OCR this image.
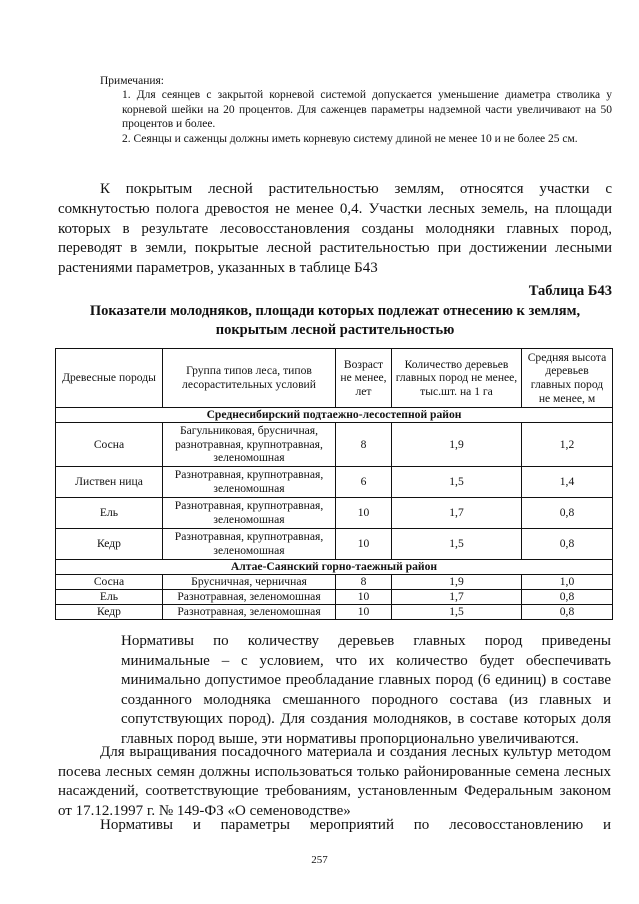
Примечания:
1. Для сеянцев с закрытой корневой системой допускается уменьшение диаметра стволика у корневой шейки на 20 процентов. Для саженцев параметры надземной части увеличивают на 50 процентов и более.
2. Сеянцы и саженцы должны иметь корневую систему длиной не менее 10 и не более 25 см.

К покрытым лесной растительностью землям, относятся участки с сомкнутостью полога древостоя не менее 0,4. Участки лесных земель, на площади которых в результате лесовосстановления созданы молодняки главных пород, переводят в земли, покрытые лесной растительностью при достижении лесными растениями параметров, указанных в таблице Б43

Таблица Б43
Показатели молодняков, площади которых подлежат отнесению к землям, покрытым лесной растительностью
Древесные породы	Группа типов леса, типов лесорастительных условий	Возраст не менее, лет	Количество деревьев главных пород не менее, тыс.шт. на 1 га	Средняя высота деревьев главных пород не менее, м
Среднесибирский подтаежно-лесостепной район				
Сосна	Багульниковая, брусничная, разнотравная, крупнотравная, зеленомошная	8	1,9	1,2
Листвен ница	Разнотравная, крупнотравная, зеленомошная	6	1,5	1,4
Ель	Разнотравная, крупнотравная, зеленомошная	10	1,7	0,8
Кедр	Разнотравная, крупнотравная, зеленомошная	10	1,5	0,8
Алтае-Саянский горно-таежный район				
Сосна	Брусничная, черничная	8	1,9	1,0
Ель	Разнотравная, зеленомошная	10	1,7	0,8
Кедр	Разнотравная, зеленомошная	10	1,5	0,8

Нормативы по количеству деревьев главных пород приведены минимальные – с условием, что их количество будет обеспечивать минимально допустимое преобладание главных пород (6 единиц) в составе созданного молодняка смешанного породного состава (из главных и сопутствующих пород). Для создания молодняков, в составе которых доля главных пород выше, эти нормативы пропорционально увеличиваются.

Для выращивания посадочного материала и создания лесных культур методом посева лесных семян должны использоваться только районированные семена лесных насаждений, соответствующие требованиям, установленным Федеральным законом от 17.12.1997 г. № 149-ФЗ «О семеноводстве»

Нормативы и параметры мероприятий по лесовосстановлению и

257
